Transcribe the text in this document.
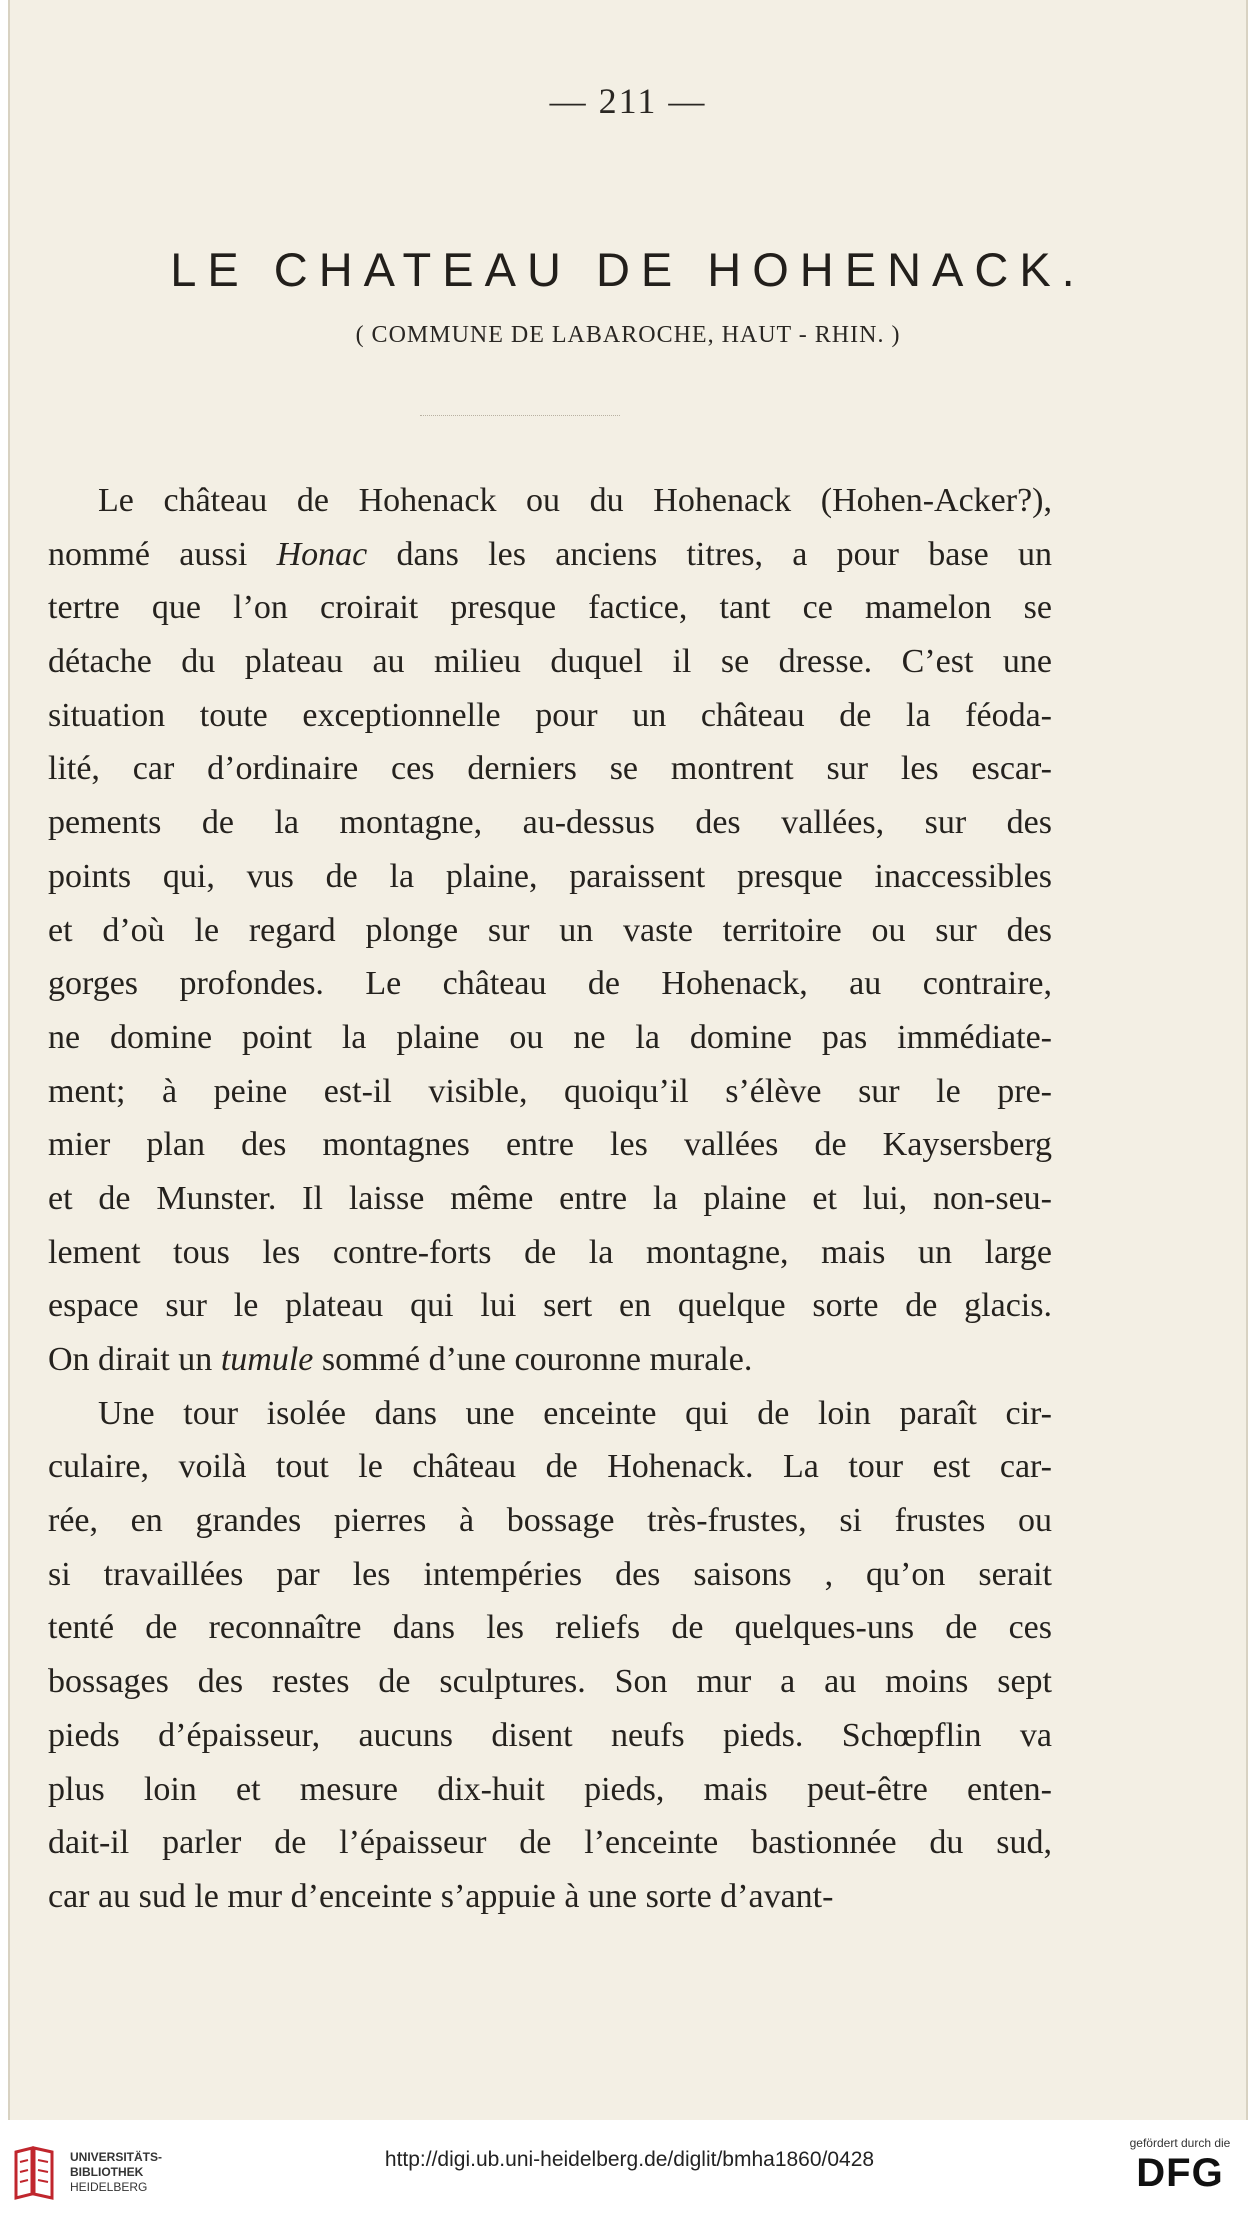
— 211 —
LE CHATEAU DE HOHENACK.
( COMMUNE DE LABAROCHE, HAUT - RHIN. )
Le château de Hohenack ou du Hohenack (Hohen-Acker?),
nommé aussi Honac dans les anciens titres, a pour base un
tertre que l’on croirait presque factice, tant ce mamelon se
détache du plateau au milieu duquel il se dresse. C’est une
situation toute exceptionnelle pour un château de la féoda-
lité, car d’ordinaire ces derniers se montrent sur les escar-
pements de la montagne, au-dessus des vallées, sur des
points qui, vus de la plaine, paraissent presque inaccessibles
et d’où le regard plonge sur un vaste territoire ou sur des
gorges profondes. Le château de Hohenack, au contraire,
ne domine point la plaine ou ne la domine pas immédiate-
ment; à peine est-il visible, quoiqu’il s’élève sur le pre-
mier plan des montagnes entre les vallées de Kaysersberg
et de Munster. Il laisse même entre la plaine et lui, non-seu-
lement tous les contre-forts de la montagne, mais un large
espace sur le plateau qui lui sert en quelque sorte de glacis.
On dirait un tumule sommé d’une couronne murale.
Une tour isolée dans une enceinte qui de loin paraît cir-
culaire, voilà tout le château de Hohenack. La tour est car-
rée, en grandes pierres à bossage très-frustes, si frustes ou
si travaillées par les intempéries des saisons , qu’on serait
tenté de reconnaître dans les reliefs de quelques-uns de ces
bossages des restes de sculptures. Son mur a au moins sept
pieds d’épaisseur, aucuns disent neufs pieds. Schœpflin va
plus loin et mesure dix-huit pieds, mais peut-être enten-
dait-il parler de l’épaisseur de l’enceinte bastionnée du sud,
car au sud le mur d’enceinte s’appuie à une sorte d’avant-
UNIVERSITÄTS-
BIBLIOTHEK
HEIDELBERG
http://digi.ub.uni-heidelberg.de/diglit/bmha1860/0428
gefördert durch die
DFG
